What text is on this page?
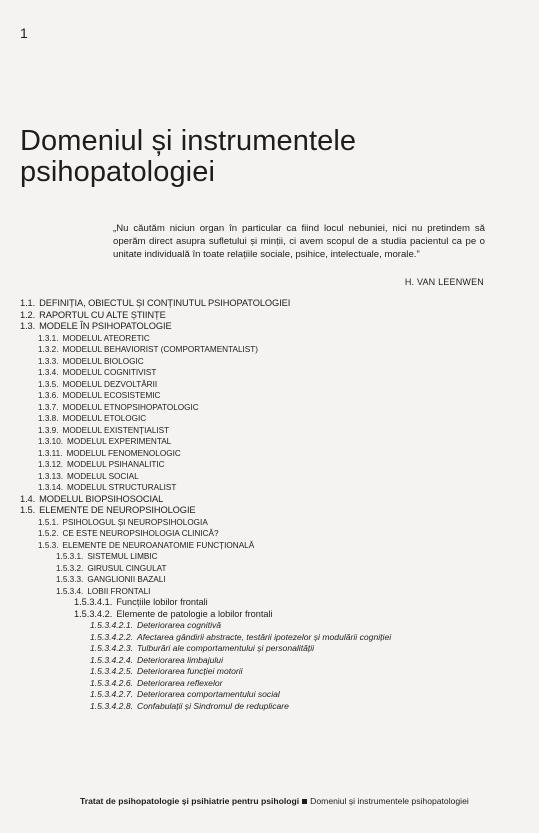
1
Domeniul și instrumentele
psihopatologiei
„Nu căutăm niciun organ în particular ca fiind locul nebuniei, nici nu pretindem să operăm direct asupra sufletului și minții, ci avem scopul de a studia pacientul ca pe o unitate individuală în toate relațiile sociale, psihice, intelectuale, morale.”
H. VAN LEENWEN
1.1. DEFINIȚIA, OBIECTUL ȘI CONȚINUTUL PSIHOPATOLOGIEI
1.2. RAPORTUL CU ALTE ȘTIINȚE
1.3. MODELE ÎN PSIHOPATOLOGIE
1.3.1. MODELUL ATEORETIC
1.3.2. MODELUL BEHAVIORIST (COMPORTAMENTALIST)
1.3.3. MODELUL BIOLOGIC
1.3.4. MODELUL COGNITIVIST
1.3.5. MODELUL DEZVOLTĂRII
1.3.6. MODELUL ECOSISTEMIC
1.3.7. MODELUL ETNOPSIHOPATOLOGIC
1.3.8. MODELUL ETOLOGIC
1.3.9. MODELUL EXISTENȚIALIST
1.3.10. MODELUL EXPERIMENTAL
1.3.11. MODELUL FENOMENOLOGIC
1.3.12. MODELUL PSIHANALITIC
1.3.13. MODELUL SOCIAL
1.3.14. MODELUL STRUCTURALIST
1.4. MODELUL BIOPSIHOSOCIAL
1.5. ELEMENTE DE NEUROPSIHOLOGIE
1.5.1. PSIHOLOGUL ȘI NEUROPSIHOLOGIA
1.5.2. CE ESTE NEUROPSIHOLOGIA CLINICĂ?
1.5.3. ELEMENTE DE NEUROANATOMIE FUNCȚIONALĂ
1.5.3.1. SISTEMUL LIMBIC
1.5.3.2. GIRUSUL CINGULAT
1.5.3.3. GANGLIONII BAZALI
1.5.3.4. LOBII FRONTALI
1.5.3.4.1. Funcțiile lobilor frontali
1.5.3.4.2. Elemente de patologie a lobilor frontali
1.5.3.4.2.1. Deteriorarea cognitivă
1.5.3.4.2.2. Afectarea gândirii abstracte, testării ipotezelor și modulării cogniției
1.5.3.4.2.3. Tulburări ale comportamentului și personalității
1.5.3.4.2.4. Deteriorarea limbajului
1.5.3.4.2.5. Deteriorarea funcției motorii
1.5.3.4.2.6. Deteriorarea reflexelor
1.5.3.4.2.7. Deteriorarea comportamentului social
1.5.3.4.2.8. Confabulații și Sindromul de reduplicare
Tratat de psihopatologie și psihiatrie pentru psihologi Domeniul și instrumentele psihopatologiei
